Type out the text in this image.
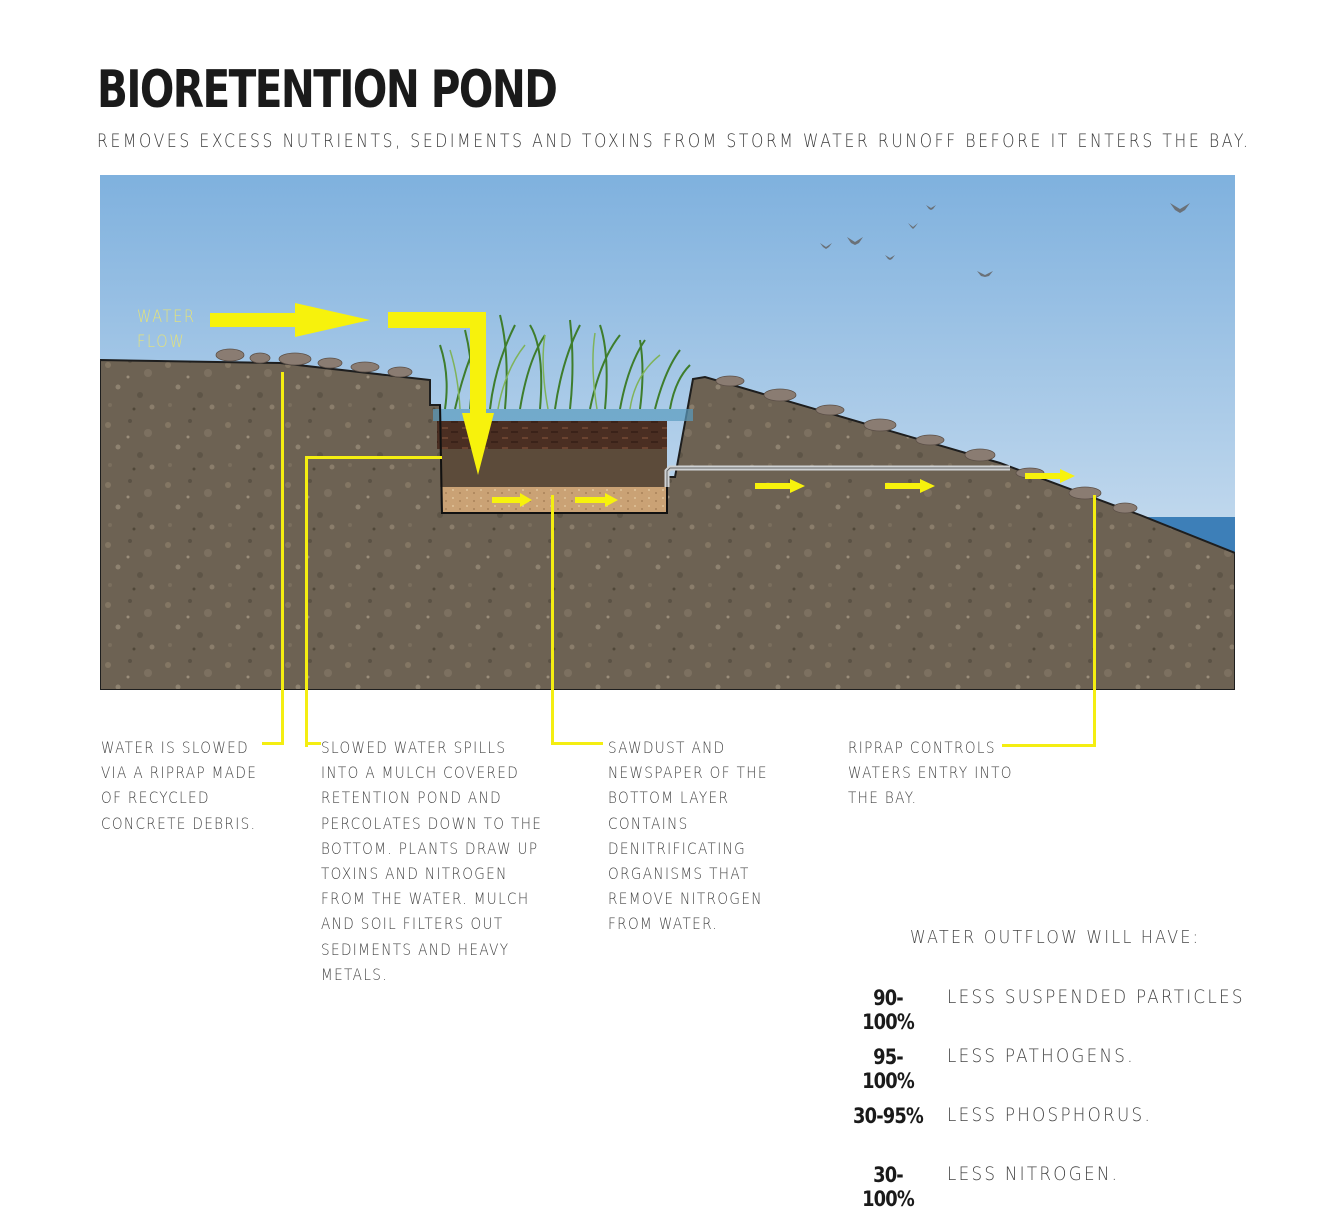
BIORETENTION POND
REMOVES EXCESS NUTRIENTS, SEDIMENTS AND TOXINS FROM STORM WATER RUNOFF BEFORE IT ENTERS THE BAY.
WATER
FLOW
WATER IS SLOWED
VIA A RIPRAP MADE
OF RECYCLED
CONCRETE DEBRIS.
SLOWED WATER SPILLS
INTO A MULCH COVERED
RETENTION POND AND
PERCOLATES DOWN TO THE
BOTTOM. PLANTS DRAW UP
TOXINS AND NITROGEN
FROM THE WATER. MULCH
AND SOIL FILTERS OUT
SEDIMENTS AND HEAVY
METALS.
SAWDUST AND
NEWSPAPER OF THE
BOTTOM LAYER
CONTAINS
DENITRIFICATING
ORGANISMS THAT
REMOVE NITROGEN
FROM WATER.
RIPRAP CONTROLS
WATERS ENTRY INTO
THE BAY.
WATER OUTFLOW WILL HAVE:
90-100%
LESS SUSPENDED PARTICLES
95-100%
LESS PATHOGENS.
30-95% LESS PHOSPHORUS.
30-100%
LESS NITROGEN.
